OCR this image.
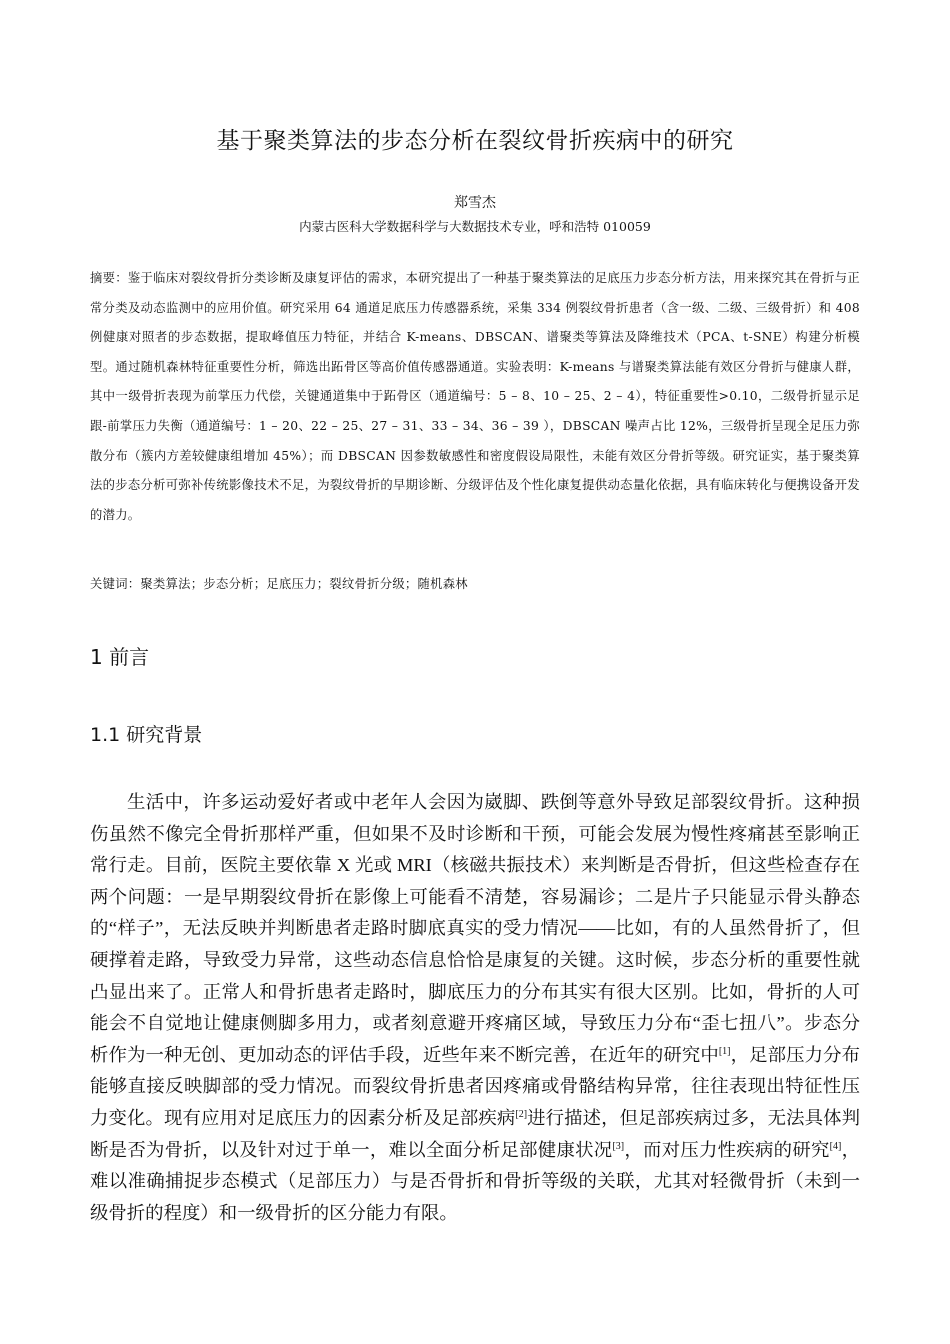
基于聚类算法的步态分析在裂纹骨折疾病中的研究
郑雪杰
内蒙古医科大学数据科学与大数据技术专业，呼和浩特 010059
摘要：鉴于临床对裂纹骨折分类诊断及康复评估的需求，本研究提出了一种基于聚类算法的足底压力步态分析方法，用来探究其在骨折与正常分类及动态监测中的应用价值。研究采用 64 通道足底压力传感器系统，采集 334 例裂纹骨折患者（含一级、二级、三级骨折）和 408 例健康对照者的步态数据，提取峰值压力特征，并结合 K-means、DBSCAN、谱聚类等算法及降维技术（PCA、t-SNE）构建分析模型。通过随机森林特征重要性分析，筛选出跖骨区等高价值传感器通道。实验表明：K-means 与谱聚类算法能有效区分骨折与健康人群，其中一级骨折表现为前掌压力代偿，关键通道集中于跖骨区（通道编号：5 – 8、10 – 25、2 – 4），特征重要性>0.10，二级骨折显示足跟-前掌压力失衡（通道编号：1 – 20、22 – 25、27 – 31、33 – 34、36 – 39 ），DBSCAN 噪声占比 12%，三级骨折呈现全足压力弥散分布（簇内方差较健康组增加 45%）；而 DBSCAN 因参数敏感性和密度假设局限性，未能有效区分骨折等级。研究证实，基于聚类算法的步态分析可弥补传统影像技术不足，为裂纹骨折的早期诊断、分级评估及个性化康复提供动态量化依据，具有临床转化与便携设备开发的潜力。
关键词：聚类算法；步态分析；足底压力；裂纹骨折分级；随机森林
1 前言
1.1 研究背景
生活中，许多运动爱好者或中老年人会因为崴脚、跌倒等意外导致足部裂纹骨折。这种损伤虽然不像完全骨折那样严重，但如果不及时诊断和干预，可能会发展为慢性疼痛甚至影响正常行走。目前，医院主要依靠 X 光或 MRI（核磁共振技术）来判断是否骨折，但这些检查存在两个问题：一是早期裂纹骨折在影像上可能看不清楚，容易漏诊；二是片子只能显示骨头静态的“样子”，无法反映并判断患者走路时脚底真实的受力情况——比如，有的人虽然骨折了，但硬撑着走路，导致受力异常，这些动态信息恰恰是康复的关键。这时候，步态分析的重要性就凸显出来了。正常人和骨折患者走路时，脚底压力的分布其实有很大区别。比如，骨折的人可能会不自觉地让健康侧脚多用力，或者刻意避开疼痛区域，导致压力分布“歪七扭八”。步态分析作为一种无创、更加动态的评估手段，近些年来不断完善，在近年的研究中[1]，足部压力分布能够直接反映脚部的受力情况。而裂纹骨折患者因疼痛或骨骼结构异常，往往表现出特征性压力变化。现有应用对足底压力的因素分析及足部疾病[2]进行描述，但足部疾病过多，无法具体判断是否为骨折，以及针对过于单一，难以全面分析足部健康状况[3]，而对压力性疾病的研究[4]，难以准确捕捉步态模式（足部压力）与是否骨折和骨折等级的关联，尤其对轻微骨折（未到一级骨折的程度）和一级骨折的区分能力有限。
